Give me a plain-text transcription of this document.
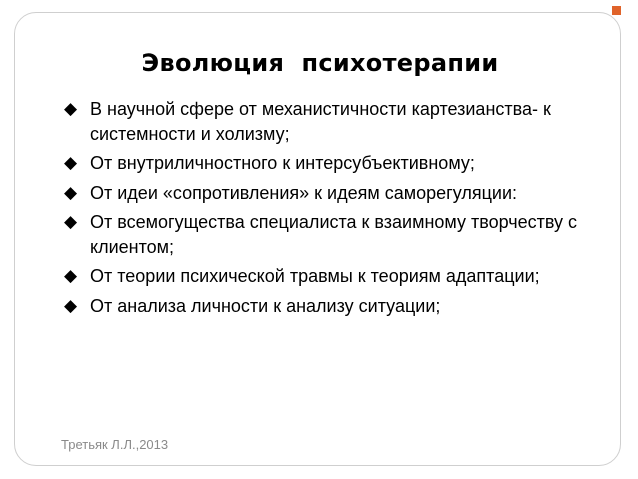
Эволюция  психотерапии
◆ В научной сфере от механистичности картезианства- к системности и холизму;
◆ От внутриличностного к интерсубъективному;
◆ От идеи «сопротивления» к идеям саморегуляции:
◆ От всемогущества специалиста к взаимному творчеству с клиентом;
◆ От теории психической травмы к теориям адаптации;
◆ От анализа личности к анализу ситуации;
Третьяк Л.Л.,2013
